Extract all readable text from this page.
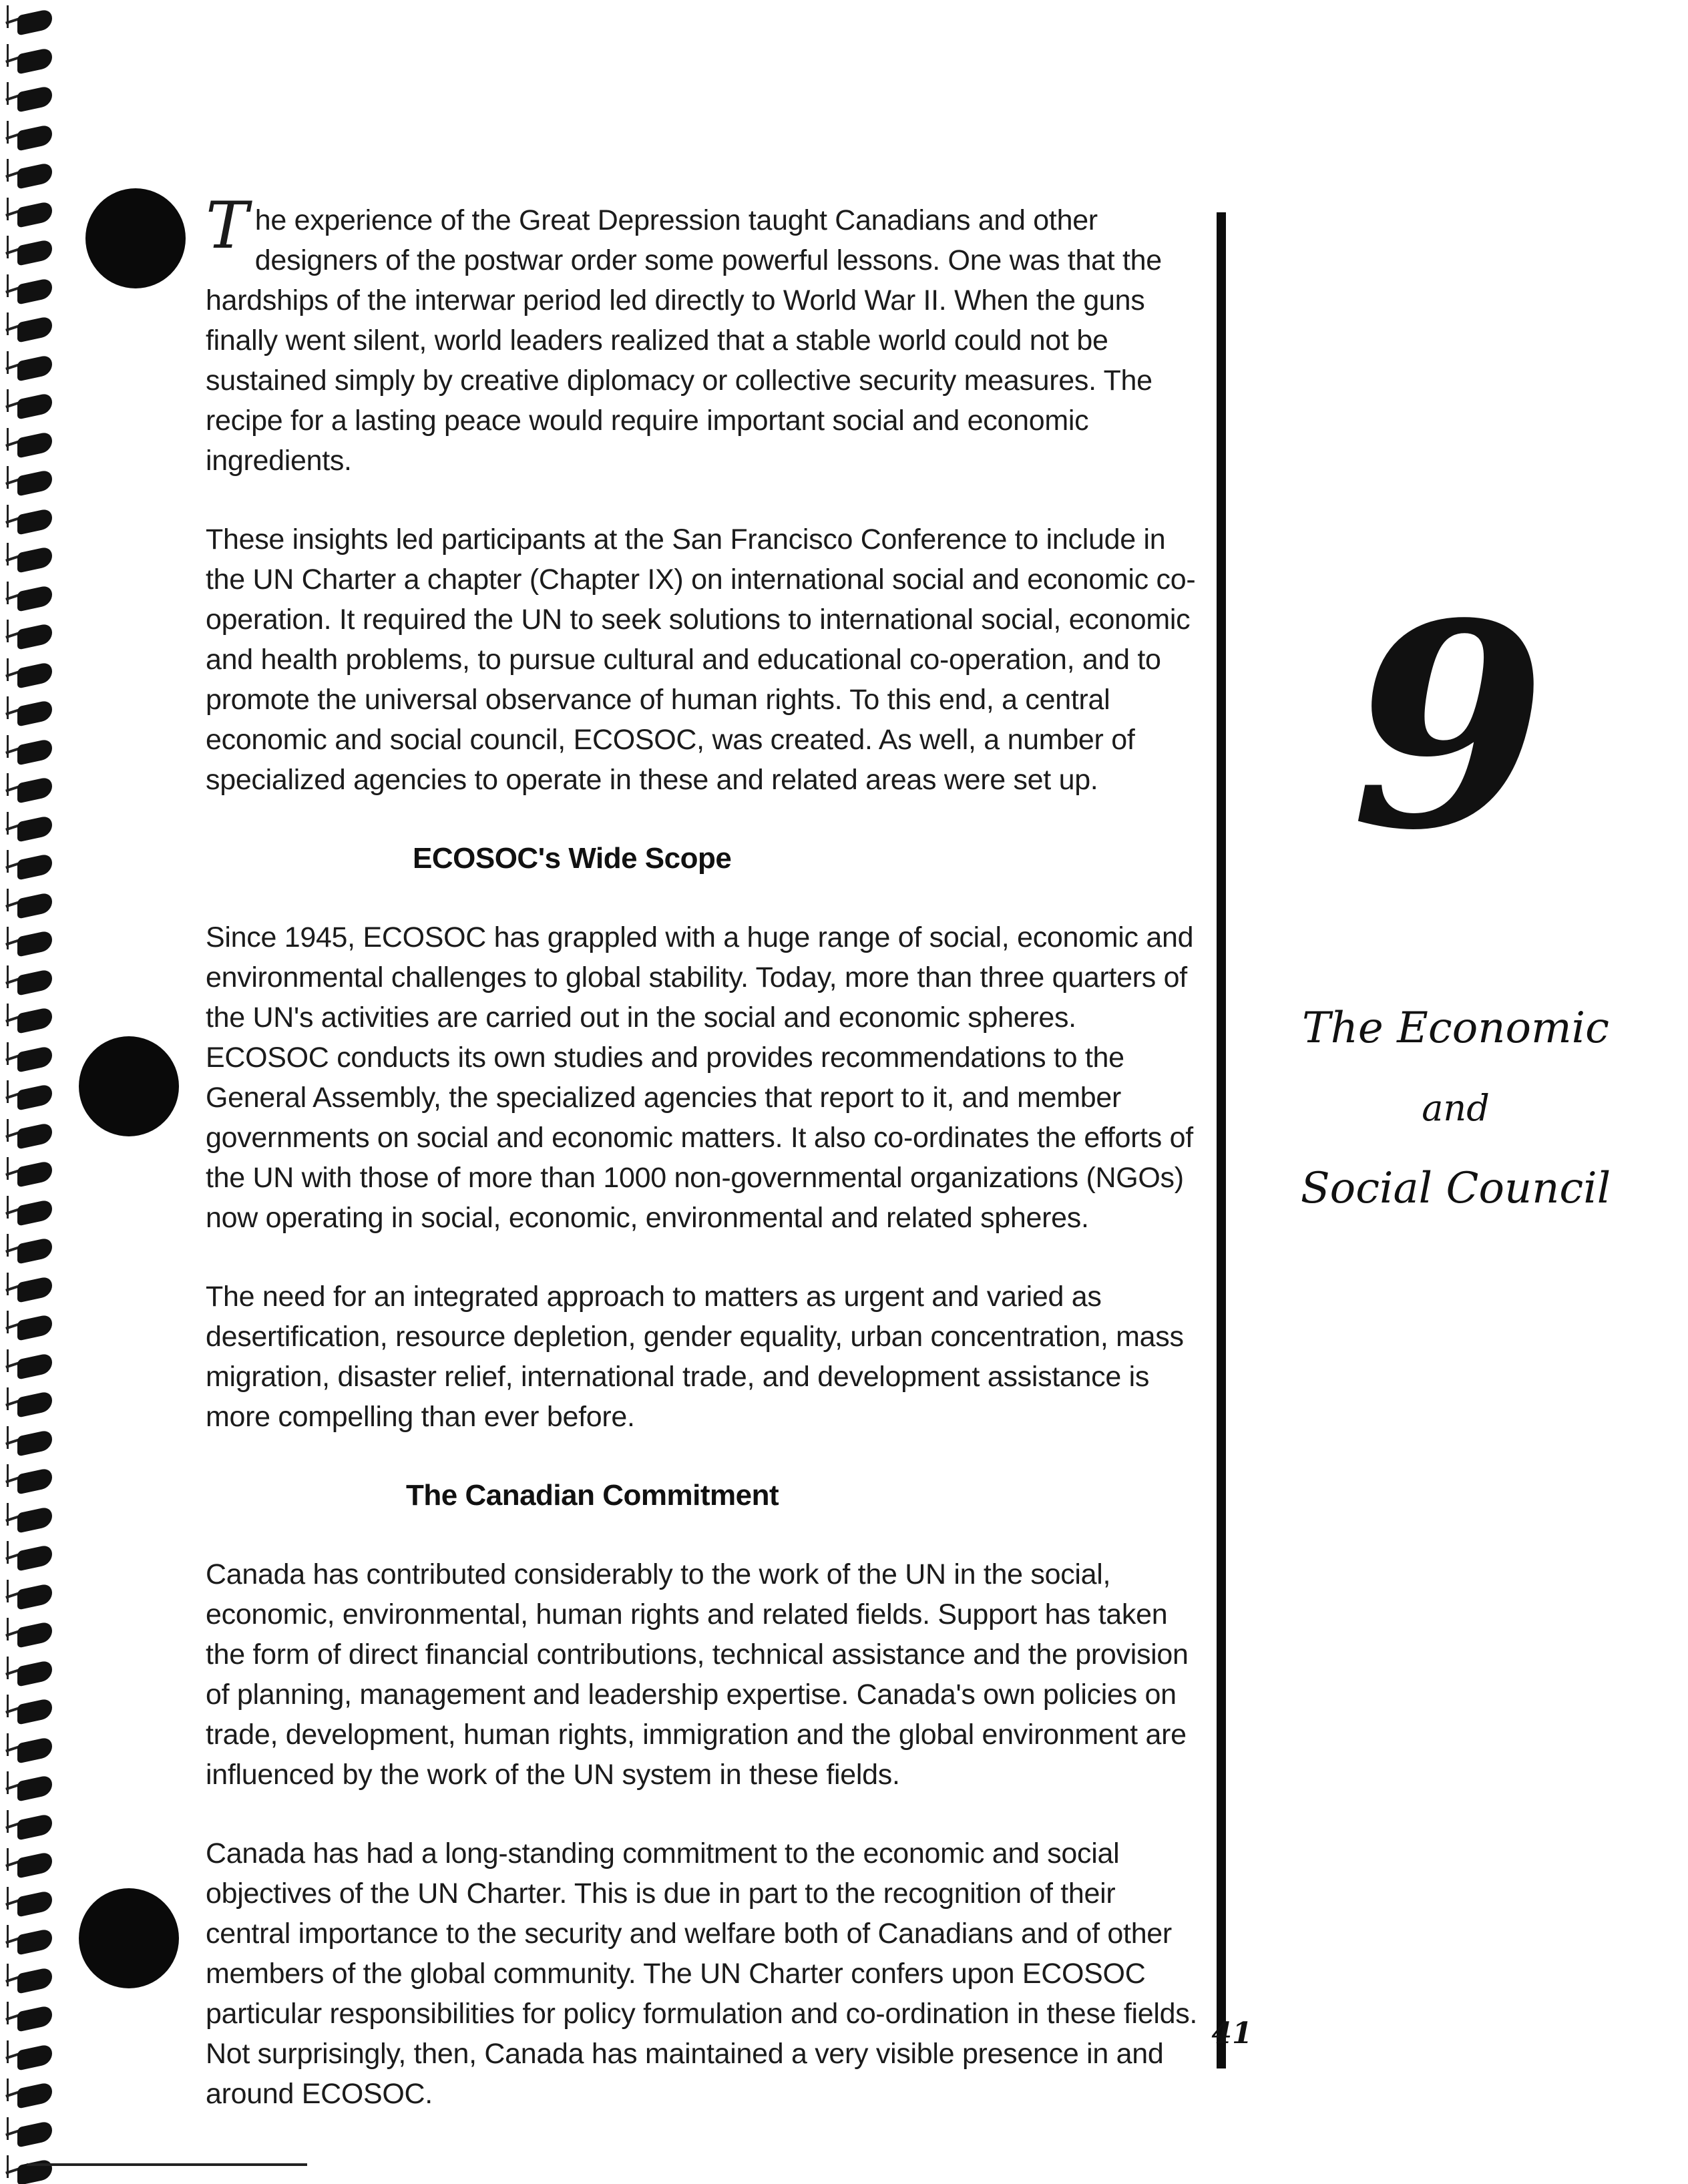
The experience of the Great Depression taught Canadians and other designers of the postwar order some powerful lessons. One was that the hardships of the interwar period led directly to World War II. When the guns finally went silent, world leaders realized that a stable world could not be sustained simply by creative diplomacy or collective security measures. The recipe for a lasting peace would require important social and economic ingredients.

These insights led participants at the San Francisco Conference to include in the UN Charter a chapter (Chapter IX) on international social and economic co-operation. It required the UN to seek solutions to international social, economic and health problems, to pursue cultural and educational co-operation, and to promote the universal observance of human rights. To this end, a central economic and social council, ECOSOC, was created. As well, a number of specialized agencies to operate in these and related areas were set up.

ECOSOC's Wide Scope

Since 1945, ECOSOC has grappled with a huge range of social, economic and environmental challenges to global stability. Today, more than three quarters of the UN's activities are carried out in the social and economic spheres. ECOSOC conducts its own studies and provides recommendations to the General Assembly, the specialized agencies that report to it, and member governments on social and economic matters. It also co-ordinates the efforts of the UN with those of more than 1000 non-governmental organizations (NGOs) now operating in social, economic, environmental and related spheres.

The need for an integrated approach to matters as urgent and varied as desertification, resource depletion, gender equality, urban concentration, mass migration, disaster relief, international trade, and development assistance is more compelling than ever before.

The Canadian Commitment

Canada has contributed considerably to the work of the UN in the social, economic, environmental, human rights and related fields. Support has taken the form of direct financial contributions, technical assistance and the provision of planning, management and leadership expertise. Canada's own policies on trade, development, human rights, immigration and the global environment are influenced by the work of the UN system in these fields.

Canada has had a long-standing commitment to the economic and social objectives of the UN Charter. This is due in part to the recognition of their central importance to the security and welfare both of Canadians and of other members of the global community. The UN Charter confers upon ECOSOC particular responsibilities for policy formulation and co-ordination in these fields. Not surprisingly, then, Canada has maintained a very visible presence in and around ECOSOC.

9
The Economic
and
Social Council
41
